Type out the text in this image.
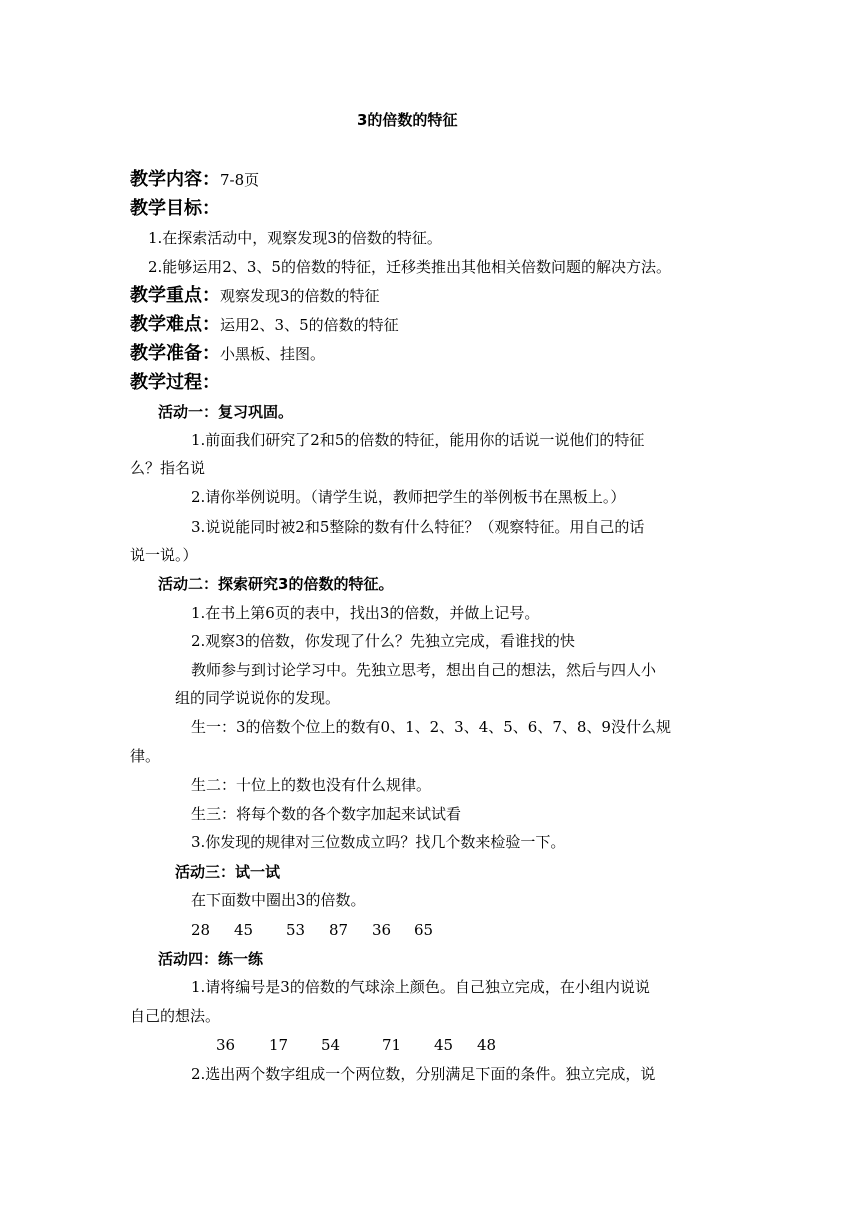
3的倍数的特征
教学内容：7-8页
教学目标：
1.在探索活动中，观察发现3的倍数的特征。
2.能够运用2、3、5的倍数的特征，迁移类推出其他相关倍数问题的解决方法。
教学重点：观察发现3的倍数的特征
教学难点：运用2、3、5的倍数的特征
教学准备：小黑板、挂图。
教学过程：
活动一：复习巩固。
1.前面我们研究了2和5的倍数的特征，能用你的话说一说他们的特征
么？指名说
2.请你举例说明。（请学生说，教师把学生的举例板书在黑板上。）
3.说说能同时被2和5整除的数有什么特征？（观察特征。用自己的话
说一说。）
活动二：探索研究3的倍数的特征。
1.在书上第6页的表中，找出3的倍数，并做上记号。
2.观察3的倍数，你发现了什么？先独立完成，看谁找的快
教师参与到讨论学习中。先独立思考，想出自己的想法，然后与四人小
组的同学说说你的发现。
生一：3的倍数个位上的数有0、1、2、3、4、5、6、7、8、9没什么规
律。
生二：十位上的数也没有什么规律。
生三：将每个数的各个数字加起来试试看
3.你发现的规律对三位数成立吗？找几个数来检验一下。
活动三：试一试
在下面数中圈出3的倍数。
28 45 53 87 36 65
活动四：练一练
1.请将编号是3的倍数的气球涂上颜色。自己独立完成，在小组内说说
自己的想法。
36 17 54	71 45 48
2.选出两个数字组成一个两位数，分别满足下面的条件。独立完成，说
